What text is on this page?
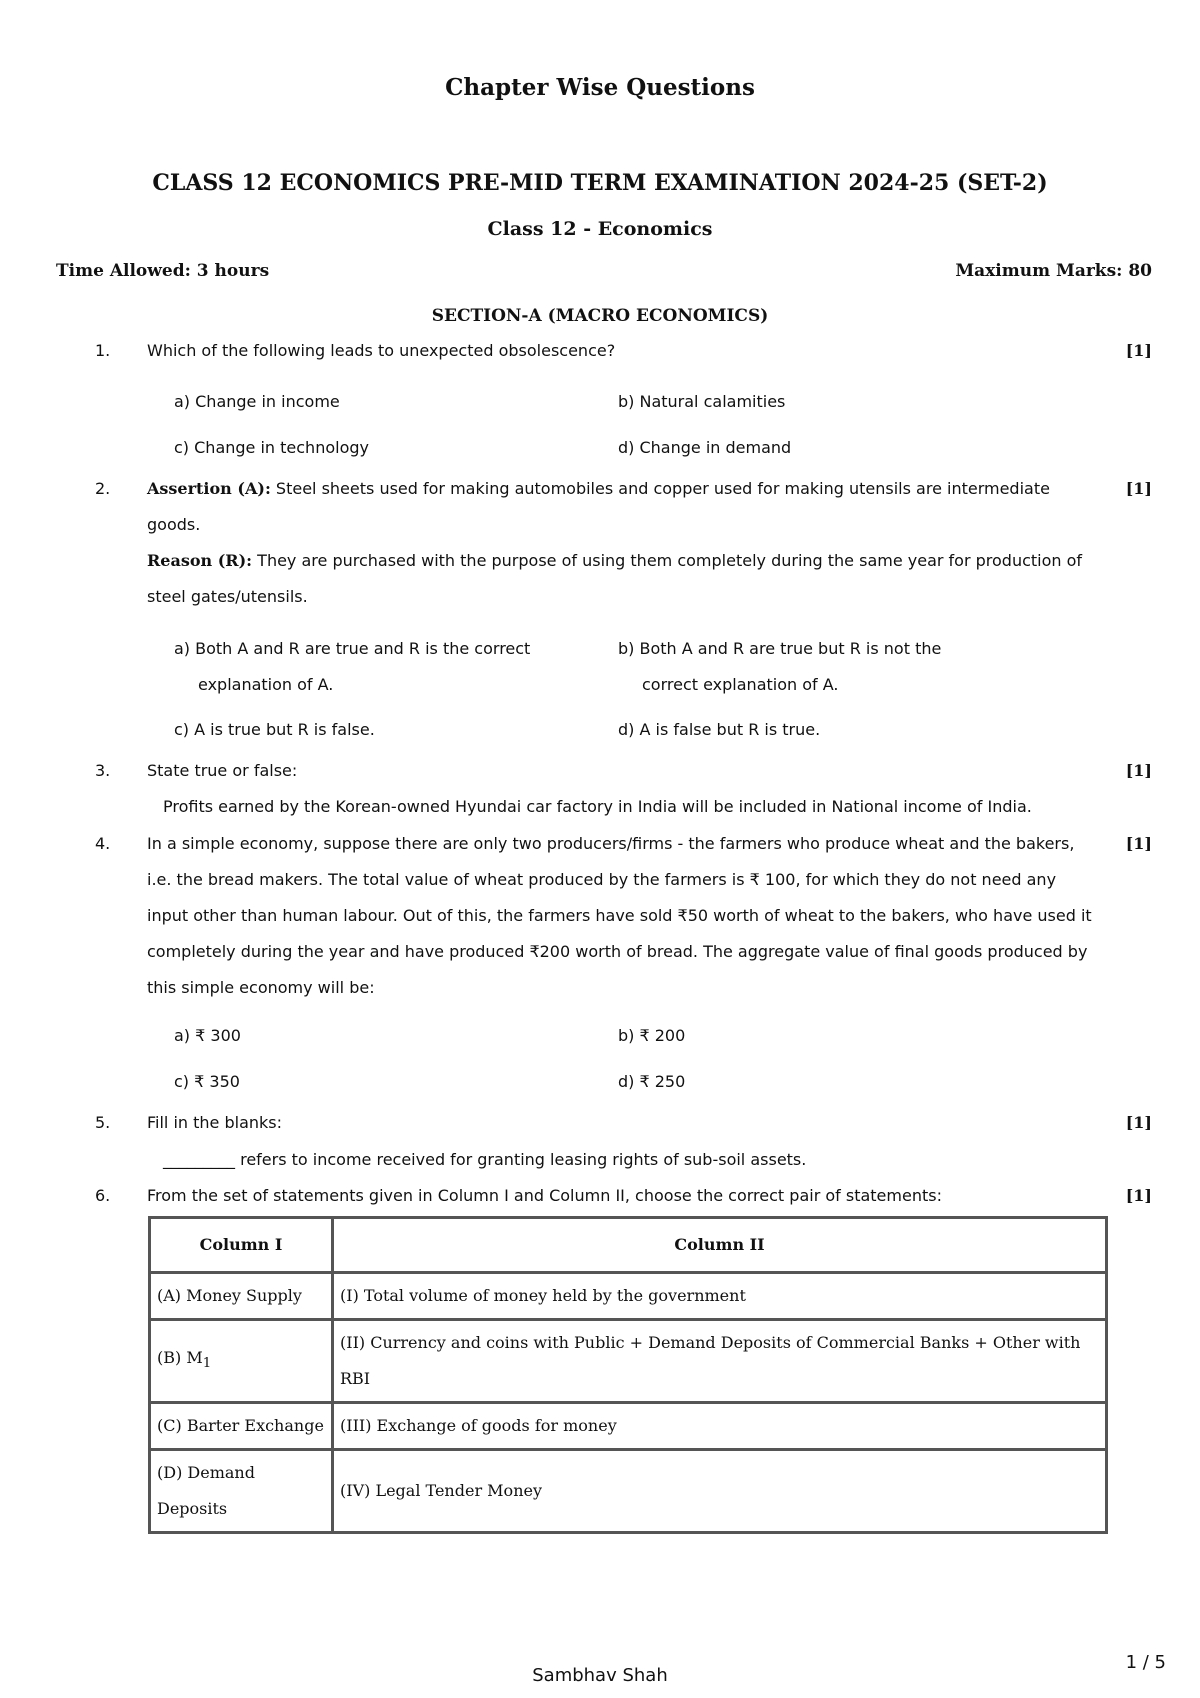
Chapter Wise Questions
CLASS 12 ECONOMICS PRE-MID TERM EXAMINATION 2024-25 (SET-2)
Class 12 - Economics
Time Allowed: 3 hours	Maximum Marks: 80
SECTION-A (MACRO ECONOMICS)
1. Which of the following leads to unexpected obsolescence?	[1]
a) Change in income	b) Natural calamities
c) Change in technology	d) Change in demand
2. Assertion (A): Steel sheets used for making automobiles and copper used for making utensils are intermediate goods.
Reason (R): They are purchased with the purpose of using them completely during the same year for production of steel gates/utensils.
[1]
a) Both A and R are true and R is the correct
explanation of A.
b) Both A and R are true but R is not the
correct explanation of A.
c) A is true but R is false.	d) A is false but R is true.
3. State true or false:	[1]
Profits earned by the Korean-owned Hyundai car factory in India will be included in National income of India.
4. In a simple economy, suppose there are only two producers/firms - the farmers who produce wheat and the bakers, i.e. the bread makers. The total value of wheat produced by the farmers is ₹ 100, for which they do not need any input other than human labour. Out of this, the farmers have sold ₹50 worth of wheat to the bakers, who have used it completely during the year and have produced ₹200 worth of bread. The aggregate value of final goods produced by this simple economy will be:
[1]
a) ₹ 300	b) ₹ 200
c) ₹ 350	d) ₹ 250
5. Fill in the blanks:	[1]
_________ refers to income received for granting leasing rights of sub-soil assets.
6. From the set of statements given in Column I and Column II, choose the correct pair of statements:	[1]
Column I	Column II
(A) Money Supply	(I) Total volume of money held by the government
(B) $M_1$	(II) Currency and coins with Public + Demand Deposits of Commercial Banks + Other with RBI
(C) Barter Exchange	(III) Exchange of goods for money
(D) Demand Deposits	(IV) Legal Tender Money
Sambhav Shah
1 / 5
